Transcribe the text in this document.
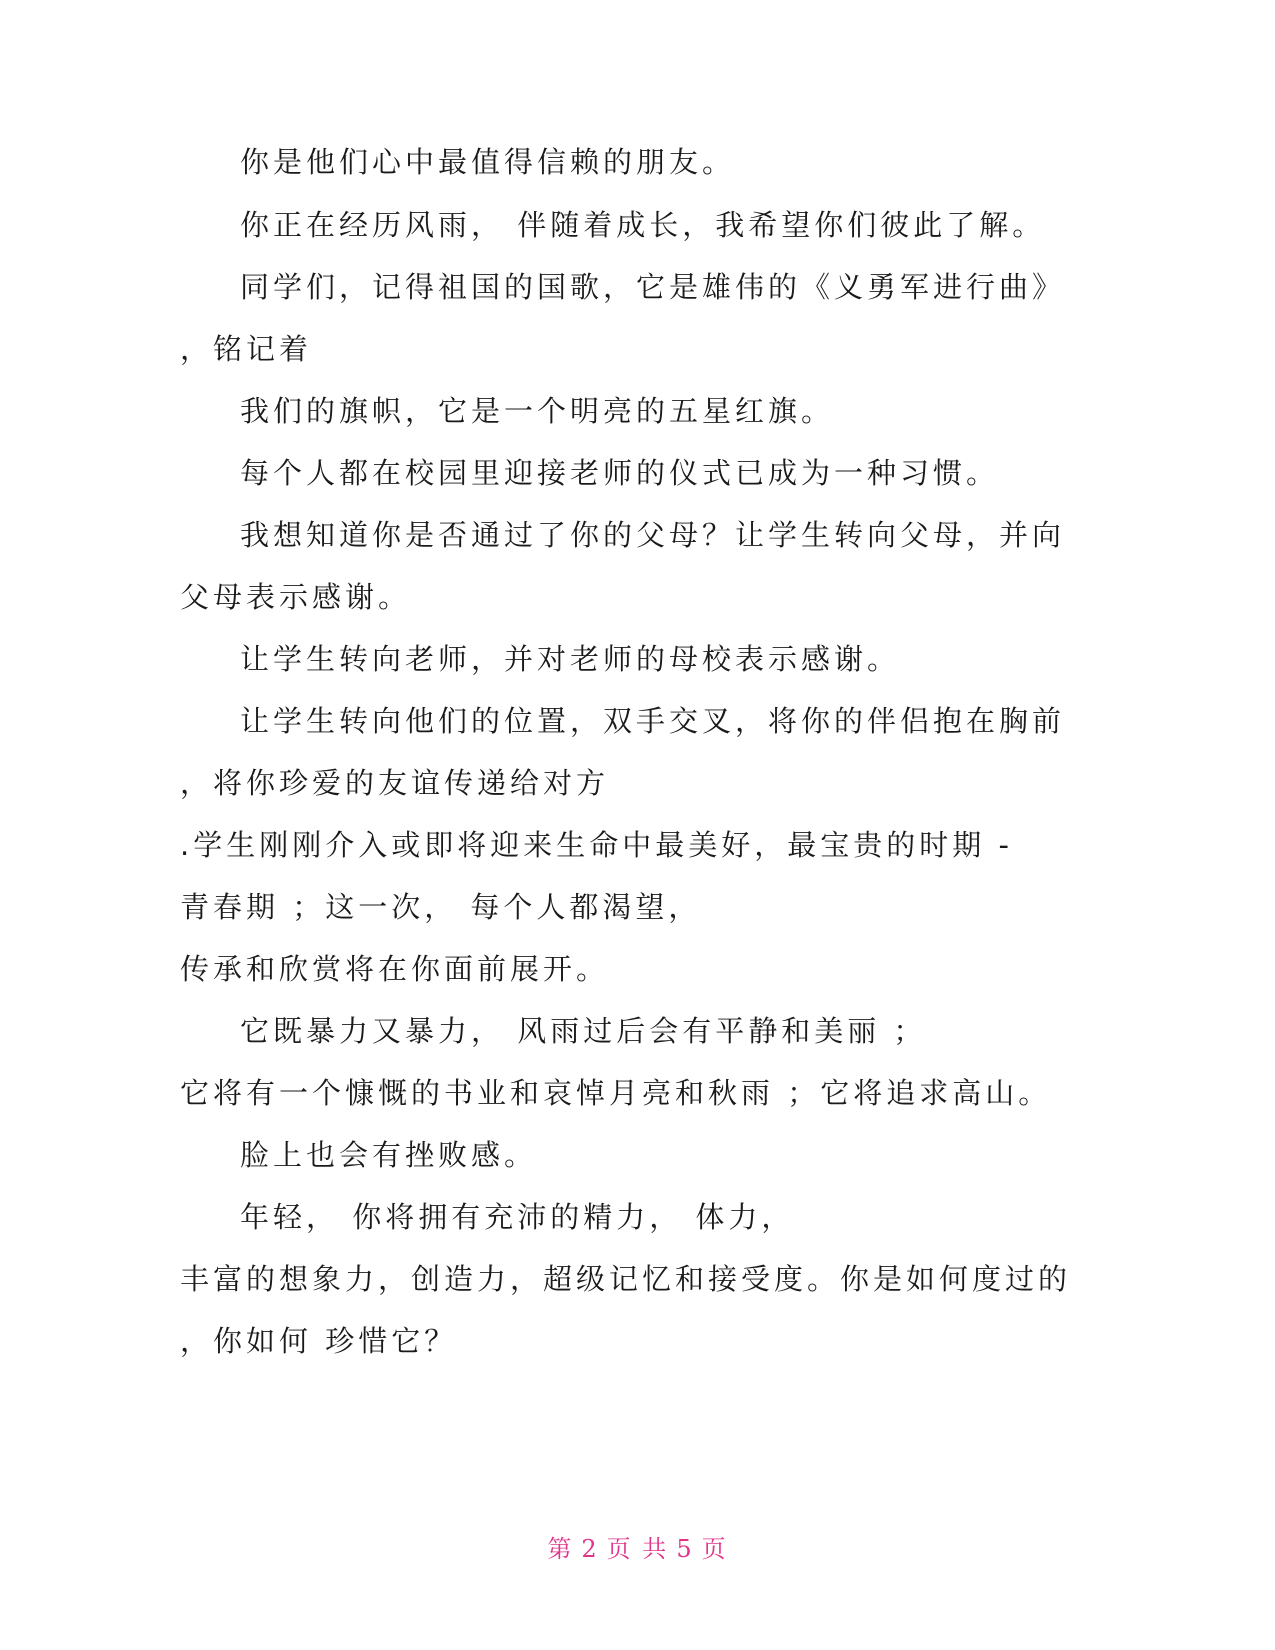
你是他们心中最值得信赖的朋友。

你正在经历风雨， 伴随着成长，我希望你们彼此了解。

同学们，记得祖国的国歌，它是雄伟的《义勇军进行曲》

，铭记着

我们的旗帜，它是一个明亮的五星红旗。

每个人都在校园里迎接老师的仪式已成为一种习惯。

我想知道你是否通过了你的父母？让学生转向父母，并向

父母表示感谢。

让学生转向老师，并对老师的母校表示感谢。

让学生转向他们的位置，双手交叉，将你的伴侣抱在胸前

，将你珍爱的友谊传递给对方

.学生刚刚介入或即将迎来生命中最美好，最宝贵的时期 -

青春期 ；这一次， 每个人都渴望，

传承和欣赏将在你面前展开。

它既暴力又暴力， 风雨过后会有平静和美丽 ；

它将有一个慷慨的书业和哀悼月亮和秋雨 ；它将追求高山。

脸上也会有挫败感。

年轻， 你将拥有充沛的精力， 体力，

丰富的想象力，创造力，超级记忆和接受度。你是如何度过的

，你如何 珍惜它？

第 2 页 共 5 页
